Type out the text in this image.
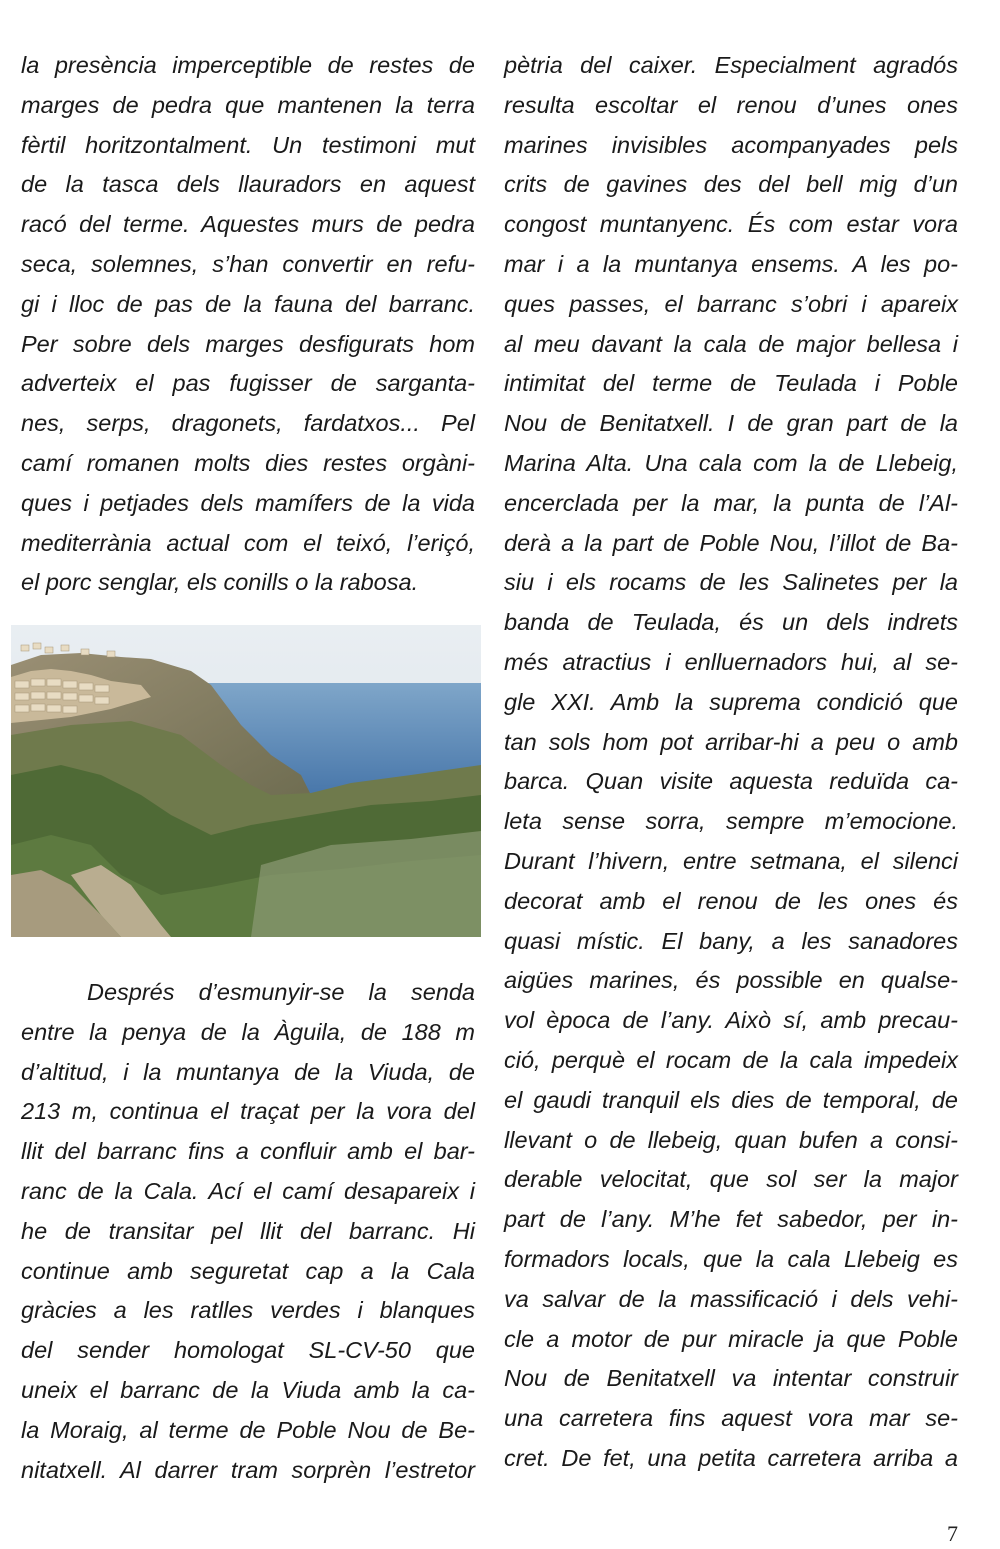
la presència imperceptible de restes de

marges de pedra que mantenen la terra

fèrtil horitzontalment. Un testimoni mut

de la tasca dels llauradors en aquest

racó del terme. Aquestes murs de pedra

seca, solemnes, s’han convertir en refu-

gi i lloc de pas de la fauna del barranc.

Per sobre dels marges desfigurats hom

adverteix el pas fugisser de sarganta-

nes, serps, dragonets, fardatxos... Pel

camí romanen molts dies restes orgàni-

ques i petjades dels mamífers de la vida

mediterrània actual com el teixó, l’eriçó,

el porc senglar, els conills o la rabosa.

Després d’esmunyir-se la senda

entre la penya de la Àguila, de 188 m

d’altitud, i la muntanya de la Viuda, de

213 m, continua el traçat per la vora del

llit del barranc fins a confluir amb el bar-

ranc de la Cala. Ací el camí desapareix i

he de transitar pel llit del barranc. Hi

continue amb seguretat cap a la Cala

gràcies a les ratlles verdes i blanques

del sender homologat SL-CV-50 que

uneix el barranc de la Viuda amb la ca-

la Moraig, al terme de Poble Nou de Be-

nitatxell. Al darrer tram sorprèn l’estretor

pètria del caixer. Especialment agradós

resulta escoltar el renou d’unes ones

marines invisibles acompanyades pels

crits de gavines des del bell mig d’un

congost muntanyenc. És com estar vora

mar i a la muntanya ensems. A les po-

ques passes, el barranc s’obri i apareix

al meu davant la cala de major bellesa i

intimitat del terme de Teulada i Poble

Nou de Benitatxell. I de gran part de la

Marina Alta. Una cala com la de Llebeig,

encerclada per la mar, la punta de l’Al-

derà a la part de Poble Nou, l’illot de Ba-

siu i els rocams de les Salinetes per la

banda de Teulada, és un dels indrets

més atractius i enlluernadors hui, al se-

gle XXI. Amb la suprema condició que

tan sols hom pot arribar-hi a peu o amb

barca. Quan visite aquesta reduïda ca-

leta sense sorra, sempre m’emocione.

Durant l’hivern, entre setmana, el silenci

decorat amb el renou de les ones és

quasi místic. El bany, a les sanadores

aigües marines, és possible en qualse-

vol època de l’any. Això sí, amb precau-

ció, perquè el rocam de la cala impedeix

el gaudi tranquil els dies de temporal, de

llevant o de llebeig, quan bufen a consi-

derable velocitat, que sol ser la major

part de l’any. M’he fet sabedor, per in-

formadors locals, que la cala Llebeig es

va salvar de la massificació i dels vehi-

cle a motor de pur miracle ja que Poble

Nou de Benitatxell va intentar construir

una carretera fins aquest vora mar se-

cret. De fet, una petita carretera arriba a

7
